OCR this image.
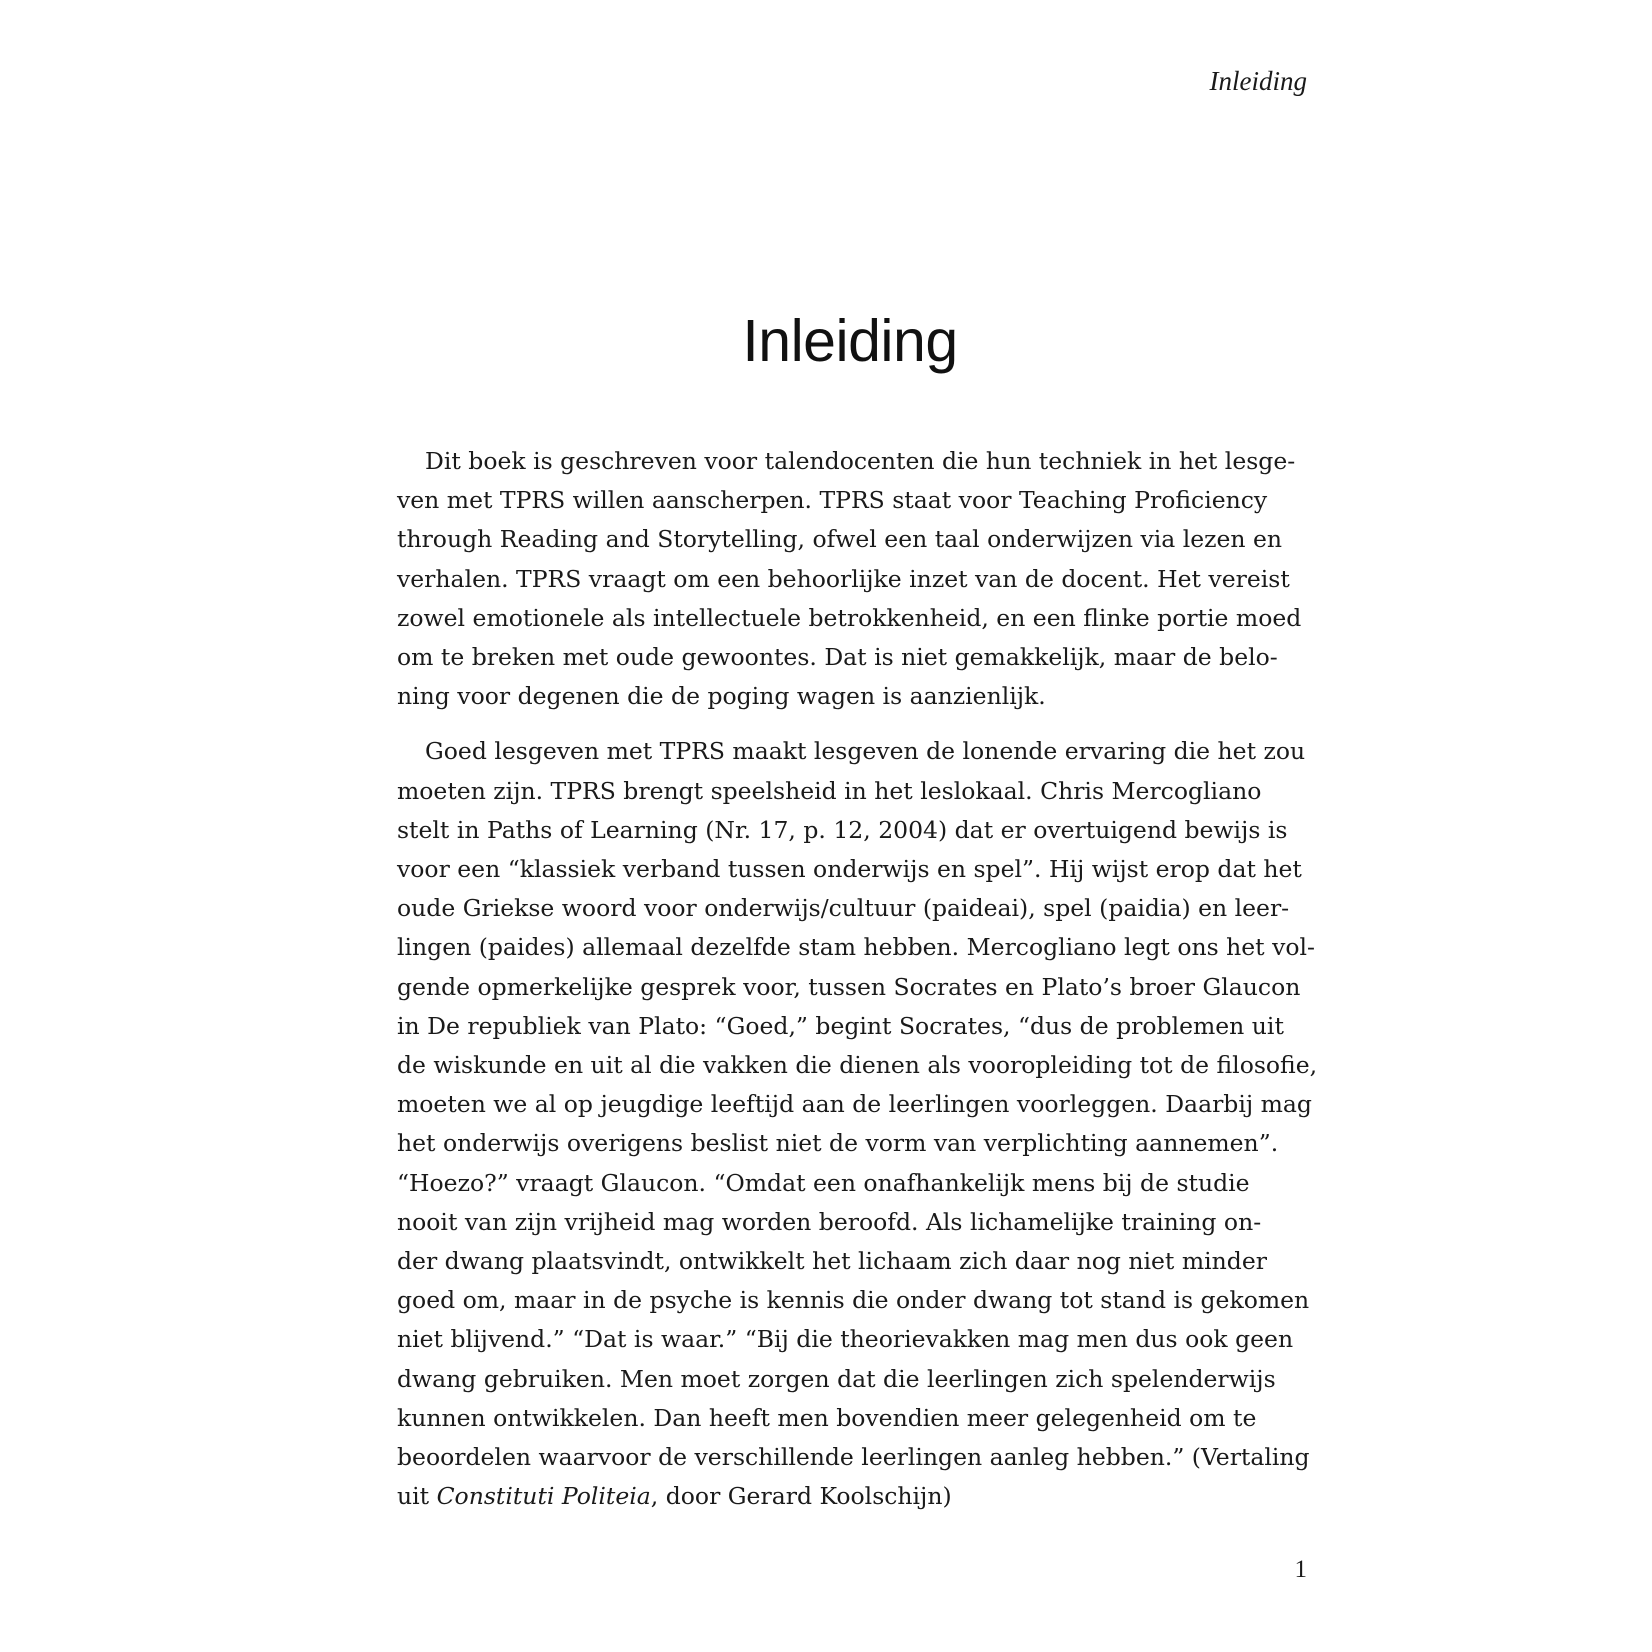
Inleiding
Inleiding

Dit boek is geschreven voor talendocenten die hun techniek in het lesge-
ven met TPRS willen aanscherpen. TPRS staat voor Teaching Proficiency
through Reading and Storytelling, ofwel een taal onderwijzen via lezen en
verhalen. TPRS vraagt om een behoorlijke inzet van de docent. Het vereist
zowel emotionele als intellectuele betrokkenheid, en een flinke portie moed
om te breken met oude gewoontes. Dat is niet gemakkelijk, maar de belo-
ning voor degenen die de poging wagen is aanzienlijk.

Goed lesgeven met TPRS maakt lesgeven de lonende ervaring die het zou
moeten zijn. TPRS brengt speelsheid in het leslokaal. Chris Mercogliano
stelt in Paths of Learning (Nr. 17, p. 12, 2004) dat er overtuigend bewijs is
voor een “klassiek verband tussen onderwijs en spel”. Hij wijst erop dat het
oude Griekse woord voor onderwijs/cultuur (paideai), spel (paidia) en leer-
lingen (paides) allemaal dezelfde stam hebben. Mercogliano legt ons het vol-
gende opmerkelijke gesprek voor, tussen Socrates en Plato’s broer Glaucon
in De republiek van Plato: “Goed,” begint Socrates, “dus de problemen uit
de wiskunde en uit al die vakken die dienen als vooropleiding tot de filosofie,
moeten we al op jeugdige leeftijd aan de leerlingen voorleggen. Daarbij mag
het onderwijs overigens beslist niet de vorm van verplichting aannemen”.
“Hoezo?” vraagt Glaucon. “Omdat een onafhankelijk mens bij de studie
nooit van zijn vrijheid mag worden beroofd. Als lichamelijke training on-
der dwang plaatsvindt, ontwikkelt het lichaam zich daar nog niet minder
goed om, maar in de psyche is kennis die onder dwang tot stand is gekomen
niet blijvend.” “Dat is waar.” “Bij die theorievakken mag men dus ook geen
dwang gebruiken. Men moet zorgen dat die leerlingen zich spelenderwijs
kunnen ontwikkelen. Dan heeft men bovendien meer gelegenheid om te
beoordelen waarvoor de verschillende leerlingen aanleg hebben.” (Vertaling
uit Constituti Politeia, door Gerard Koolschijn)

1
